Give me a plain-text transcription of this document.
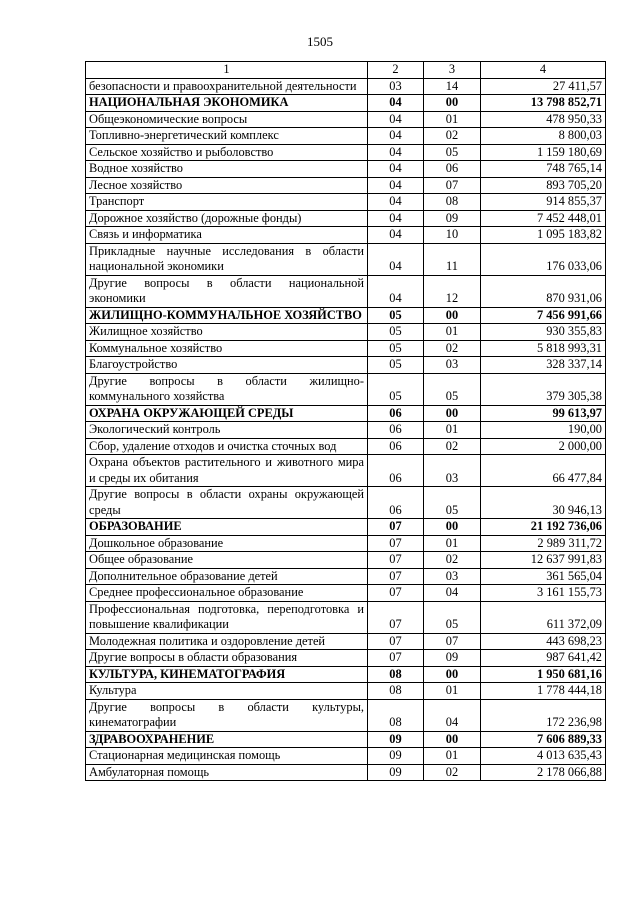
1505
1	2	3	4
безопасности и правоохранительной деятельности	03	14	27 411,57
НАЦИОНАЛЬНАЯ ЭКОНОМИКА	04	00	13 798 852,71
Общеэкономические вопросы	04	01	478 950,33
Топливно-энергетический комплекс	04	02	8 800,03
Сельское хозяйство и рыболовство	04	05	1 159 180,69
Водное хозяйство	04	06	748 765,14
Лесное хозяйство	04	07	893 705,20
Транспорт	04	08	914 855,37
Дорожное хозяйство (дорожные фонды)	04	09	7 452 448,01
Связь и информатика	04	10	1 095 183,82
Прикладные научные исследования в области национальной экономики	04	11	176 033,06
Другие вопросы в области национальной экономики	04	12	870 931,06
ЖИЛИЩНО-КОММУНАЛЬНОЕ ХОЗЯЙСТВО	05	00	7 456 991,66
Жилищное хозяйство	05	01	930 355,83
Коммунальное хозяйство	05	02	5 818 993,31
Благоустройство	05	03	328 337,14
Другие вопросы в области жилищно-коммунального хозяйства	05	05	379 305,38
ОХРАНА ОКРУЖАЮЩЕЙ СРЕДЫ	06	00	99 613,97
Экологический контроль	06	01	190,00
Сбор, удаление отходов и очистка сточных вод	06	02	2 000,00
Охрана объектов растительного и животного мира и среды их обитания	06	03	66 477,84
Другие вопросы в области охраны окружающей среды	06	05	30 946,13
ОБРАЗОВАНИЕ	07	00	21 192 736,06
Дошкольное образование	07	01	2 989 311,72
Общее образование	07	02	12 637 991,83
Дополнительное образование детей	07	03	361 565,04
Среднее профессиональное образование	07	04	3 161 155,73
Профессиональная подготовка, переподготовка и повышение квалификации	07	05	611 372,09
Молодежная политика и оздоровление детей	07	07	443 698,23
Другие вопросы в области образования	07	09	987 641,42
КУЛЬТУРА, КИНЕМАТОГРАФИЯ	08	00	1 950 681,16
Культура	08	01	1 778 444,18
Другие вопросы в области культуры, кинематографии	08	04	172 236,98
ЗДРАВООХРАНЕНИЕ	09	00	7 606 889,33
Стационарная медицинская помощь	09	01	4 013 635,43
Амбулаторная помощь	09	02	2 178 066,88
